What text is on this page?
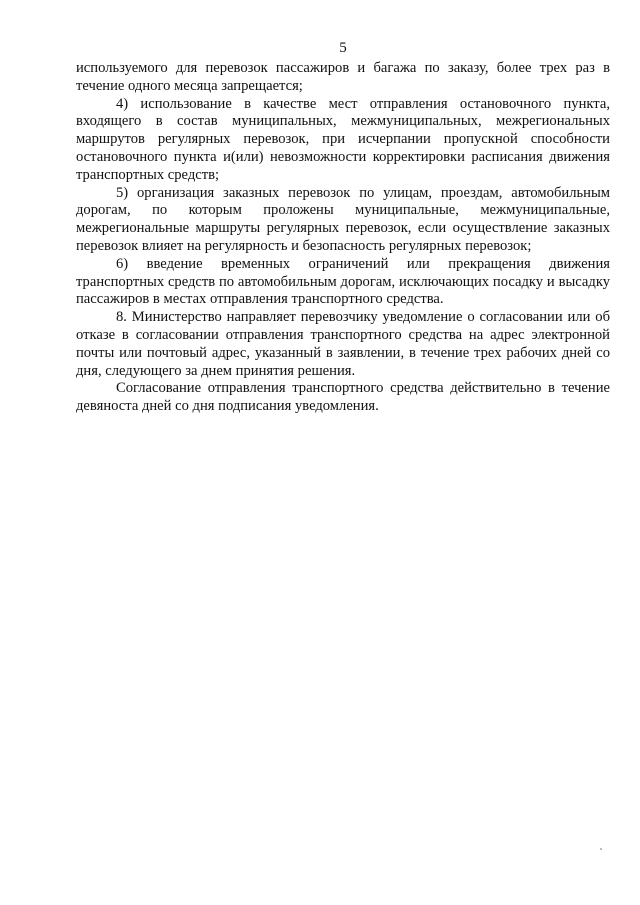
5

используемого для перевозок пассажиров и багажа по заказу, более трех раз в течение одного месяца запрещается;

4) использование в качестве мест отправления остановочного пункта, входящего в состав муниципальных, межмуниципальных, межрегиональных маршрутов регулярных перевозок, при исчерпании пропускной способности остановочного пункта и(или) невозможности корректировки расписания движения транспортных средств;

5) организация заказных перевозок по улицам, проездам, автомобильным дорогам, по которым проложены муниципальные, межмуниципальные, межрегиональные маршруты регулярных перевозок, если осуществление заказных перевозок влияет на регулярность и безопасность регулярных перевозок;

6) введение временных ограничений или прекращения движения транспортных средств по автомобильным дорогам, исключающих посадку и высадку пассажиров в местах отправления транспортного средства.

8. Министерство направляет перевозчику уведомление о согласовании или об отказе в согласовании отправления транспортного средства на адрес электронной почты или почтовый адрес, указанный в заявлении, в течение трех рабочих дней со дня, следующего за днем принятия решения.

Согласование отправления транспортного средства действительно в течение девяноста дней со дня подписания уведомления.
